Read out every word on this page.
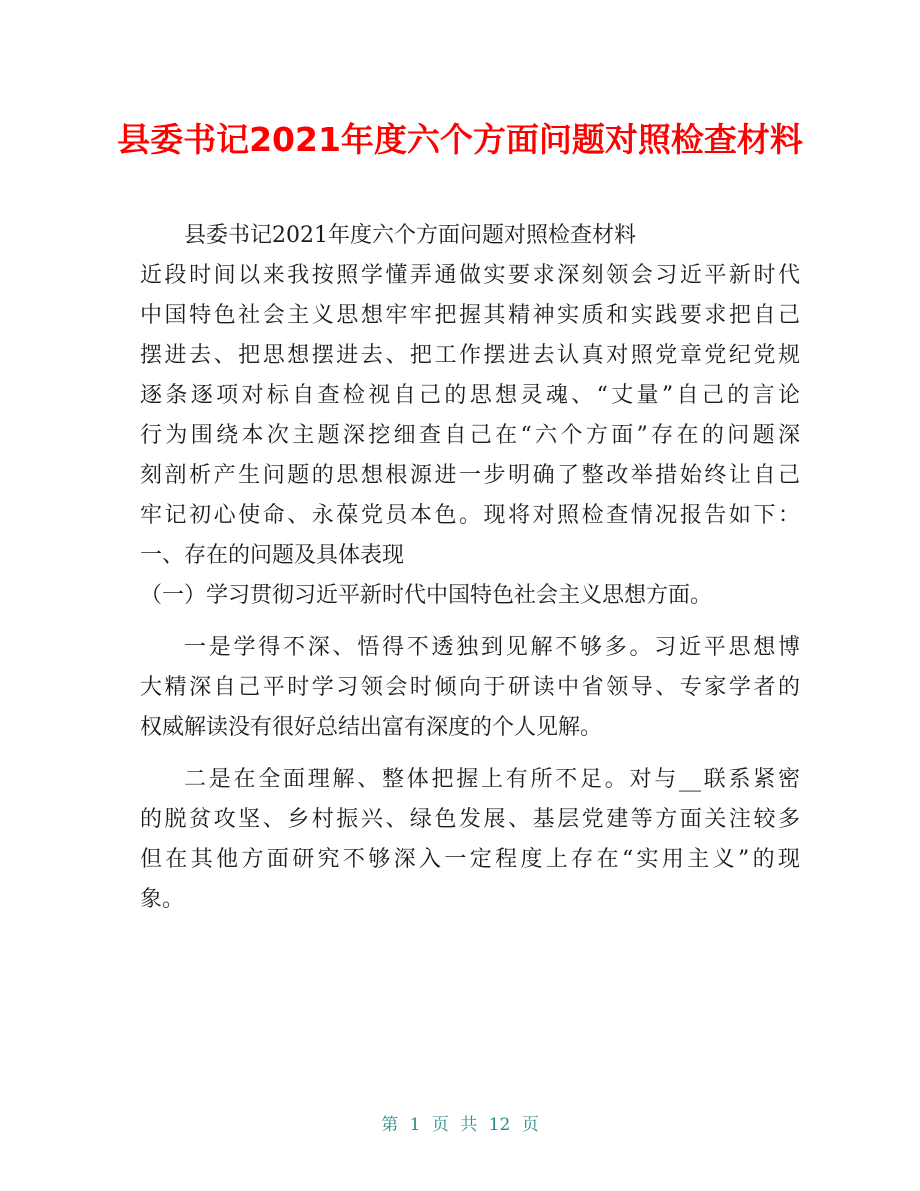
县委书记2021年度六个方面问题对照检查材料
县委书记2021年度六个方面问题对照检查材料
近段时间以来我按照学懂弄通做实要求深刻领会习近平新时代
中国特色社会主义思想牢牢把握其精神实质和实践要求把自己
摆进去、把思想摆进去、把工作摆进去认真对照党章党纪党规
逐条逐项对标自查检视自己的思想灵魂、“丈量”自己的言论
行为围绕本次主题深挖细查自己在“六个方面”存在的问题深
刻剖析产生问题的思想根源进一步明确了整改举措始终让自己
牢记初心使命、永葆党员本色。现将对照检查情况报告如下：
一、存在的问题及具体表现
（一）学习贯彻习近平新时代中国特色社会主义思想方面。
一是学得不深、悟得不透独到见解不够多。习近平思想博
大精深自己平时学习领会时倾向于研读中省领导、专家学者的
权威解读没有很好总结出富有深度的个人见解。
二是在全面理解、整体把握上有所不足。对与__联系紧密
的脱贫攻坚、乡村振兴、绿色发展、基层党建等方面关注较多
但在其他方面研究不够深入一定程度上存在“实用主义”的现
象。
第 1 页 共 12 页
